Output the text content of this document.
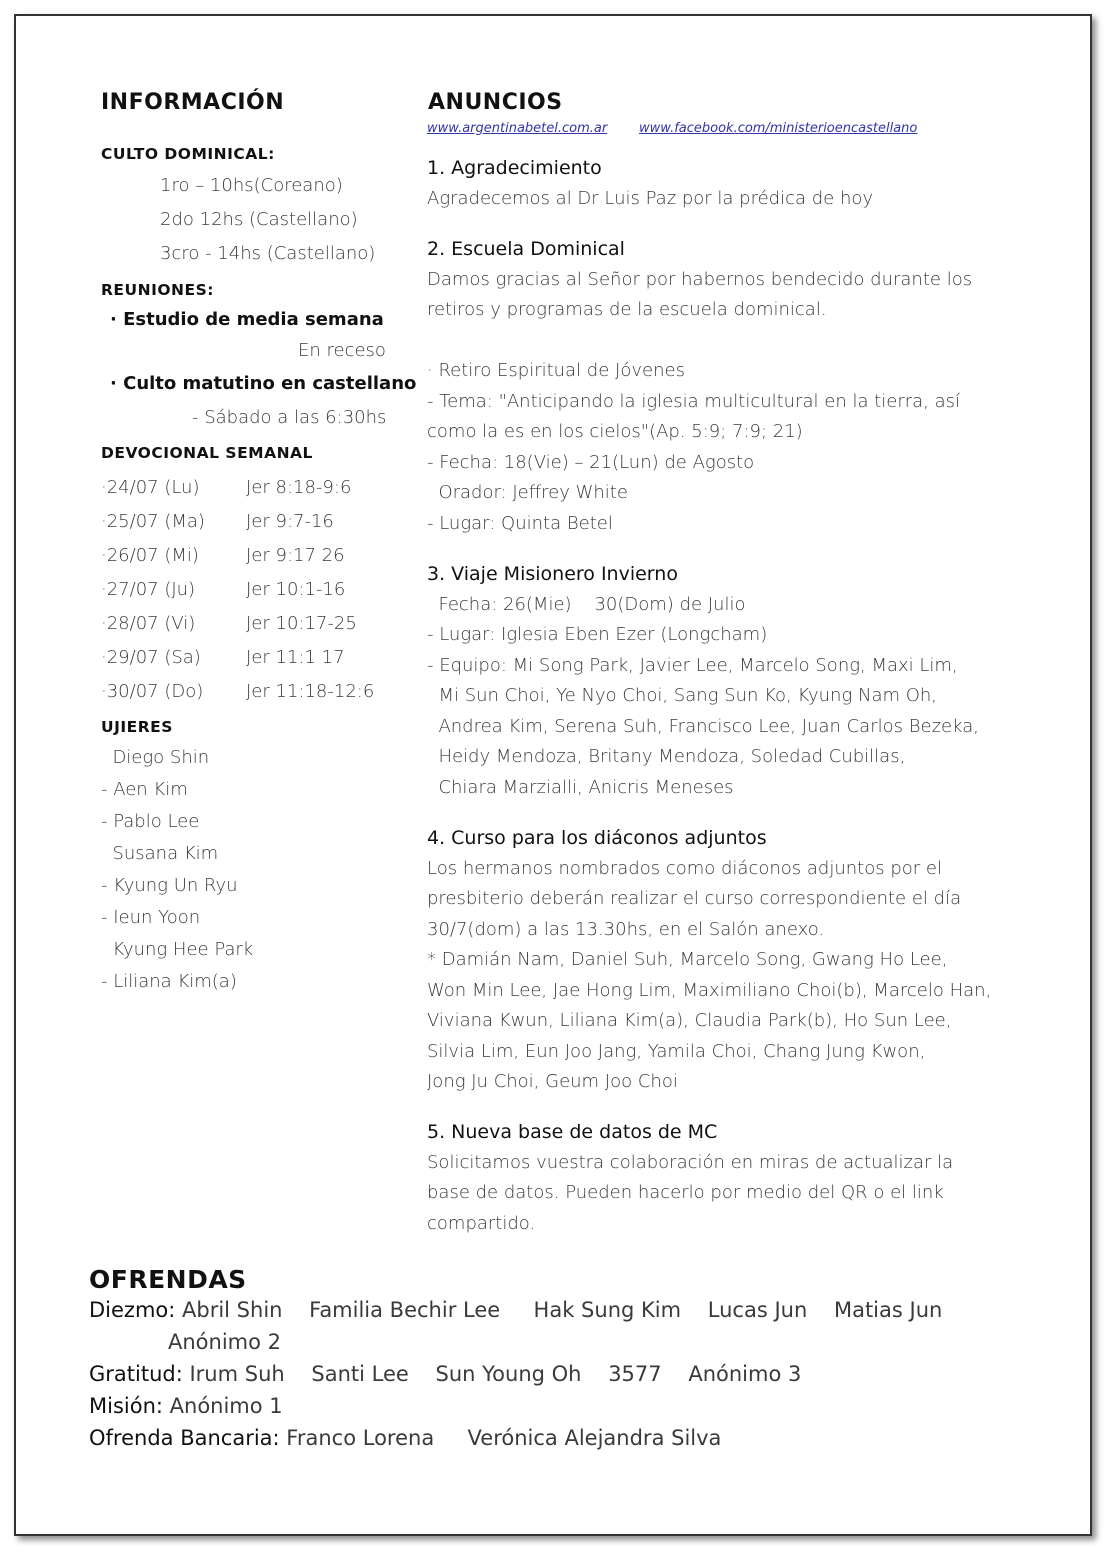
INFORMACIÓN
CULTO DOMINICAL:
1ro – 10hs(Coreano)
2do 12hs (Castellano)
3cro - 14hs (Castellano)
REUNIONES:
· Estudio de media semana
En receso
· Culto matutino en castellano
- Sábado a las 6:30hs
DEVOCIONAL SEMANAL
·24/07 (Lu)	Jer 8:18-9:6
·25/07 (Ma) Jer 9:7-16
·26/07 (Mi)	Jer 9:17 26
·27/07 (Ju)	Jer 10:1-16
·28/07 (Vi)	Jer 10:17-25
·29/07 (Sa)	Jer 11:1 17
·30/07 (Do) Jer 11:18-12:6
UJIERES
Diego Shin
- Aen Kim
- Pablo Lee
Susana Kim
- Kyung Un Ryu
- Ieun Yoon
Kyung Hee Park
- Liliana Kim(a)
ANUNCIOS
www.argentinabetel.com.ar www.facebook.com/ministerioencastellano
1. Agradecimiento
Agradecemos al Dr Luis Paz por la prédica de hoy
2. Escuela Dominical
Damos gracias al Señor por habernos bendecido durante los
retiros y programas de la escuela dominical.
· Retiro Espiritual de Jóvenes
- Tema: "Anticipando la iglesia multicultural en la tierra, así
como la es en los cielos"(Ap. 5:9; 7:9; 21)
- Fecha: 18(Vie) – 21(Lun) de Agosto
Orador: Jeffrey White
- Lugar: Quinta Betel
3. Viaje Misionero Invierno
Fecha: 26(Mie)    30(Dom) de Julio
- Lugar: Iglesia Eben Ezer (Longcham)
- Equipo: Mi Song Park, Javier Lee, Marcelo Song, Maxi Lim,
Mi Sun Choi, Ye Nyo Choi, Sang Sun Ko, Kyung Nam Oh,
Andrea Kim, Serena Suh, Francisco Lee, Juan Carlos Bezeka,
Heidy Mendoza, Britany Mendoza, Soledad Cubillas,
Chiara Marzialli, Anicris Meneses
4. Curso para los diáconos adjuntos
Los hermanos nombrados como diáconos adjuntos por el
presbiterio deberán realizar el curso correspondiente el día
30/7(dom) a las 13.30hs, en el Salón anexo.
* Damián Nam, Daniel Suh, Marcelo Song, Gwang Ho Lee,
Won Min Lee, Jae Hong Lim, Maximiliano Choi(b), Marcelo Han,
Viviana Kwun, Liliana Kim(a), Claudia Park(b), Ho Sun Lee,
Silvia Lim, Eun Joo Jang, Yamila Choi, Chang Jung Kwon,
Jong Ju Choi, Geum Joo Choi
5. Nueva base de datos de MC
Solicitamos vuestra colaboración en miras de actualizar la
base de datos. Pueden hacerlo por medio del QR o el link
compartido.
OFRENDAS
Diezmo: Abril Shin    Familia Bechir Lee     Hak Sung Kim    Lucas Jun    Matias Jun
Anónimo 2
Gratitud: Irum Suh    Santi Lee    Sun Young Oh    3577    Anónimo 3
Misión: Anónimo 1
Ofrenda Bancaria: Franco Lorena     Verónica Alejandra Silva
